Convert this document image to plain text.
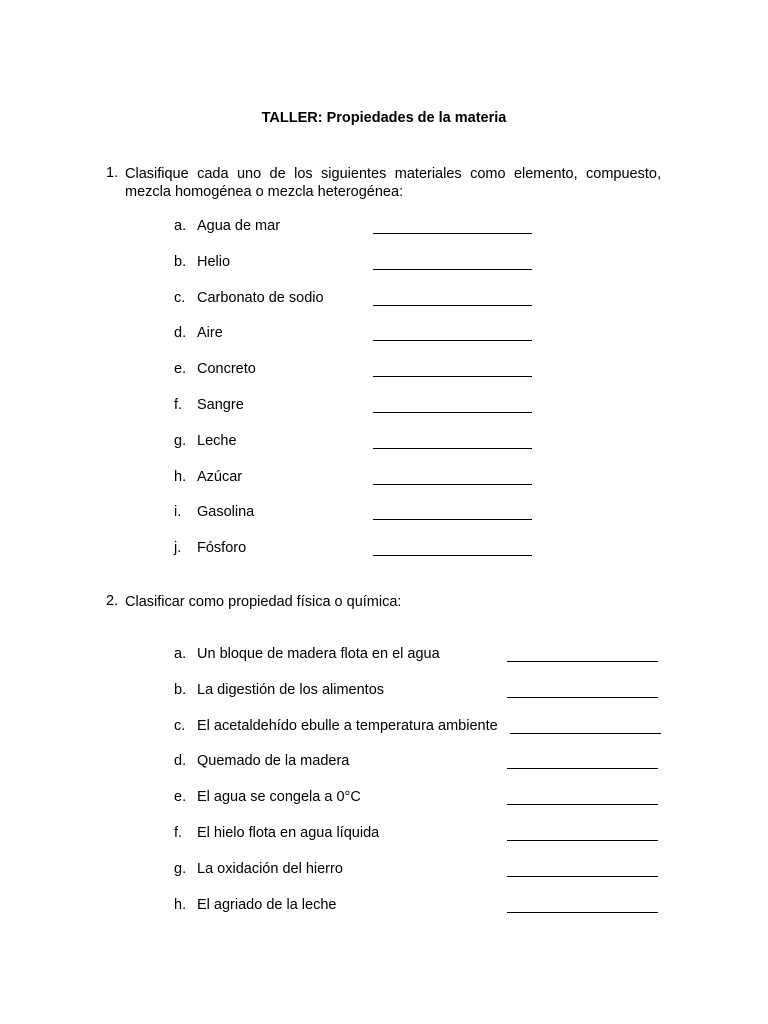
TALLER: Propiedades de la materia
1. Clasifique cada uno de los siguientes materiales como elemento, compuesto,
mezcla homogénea o mezcla heterogénea:
a. Agua de mar
b. Helio
c. Carbonato de sodio
d. Aire
e. Concreto
f. Sangre
g. Leche
h. Azúcar
i. Gasolina
j. Fósforo
2. Clasificar como propiedad física o química:
a. Un bloque de madera flota en el agua
b. La digestión de los alimentos
c. El acetaldehído ebulle a temperatura ambiente
d. Quemado de la madera
e. El agua se congela a 0°C
f. El hielo flota en agua líquida
g. La oxidación del hierro
h. El agriado de la leche
